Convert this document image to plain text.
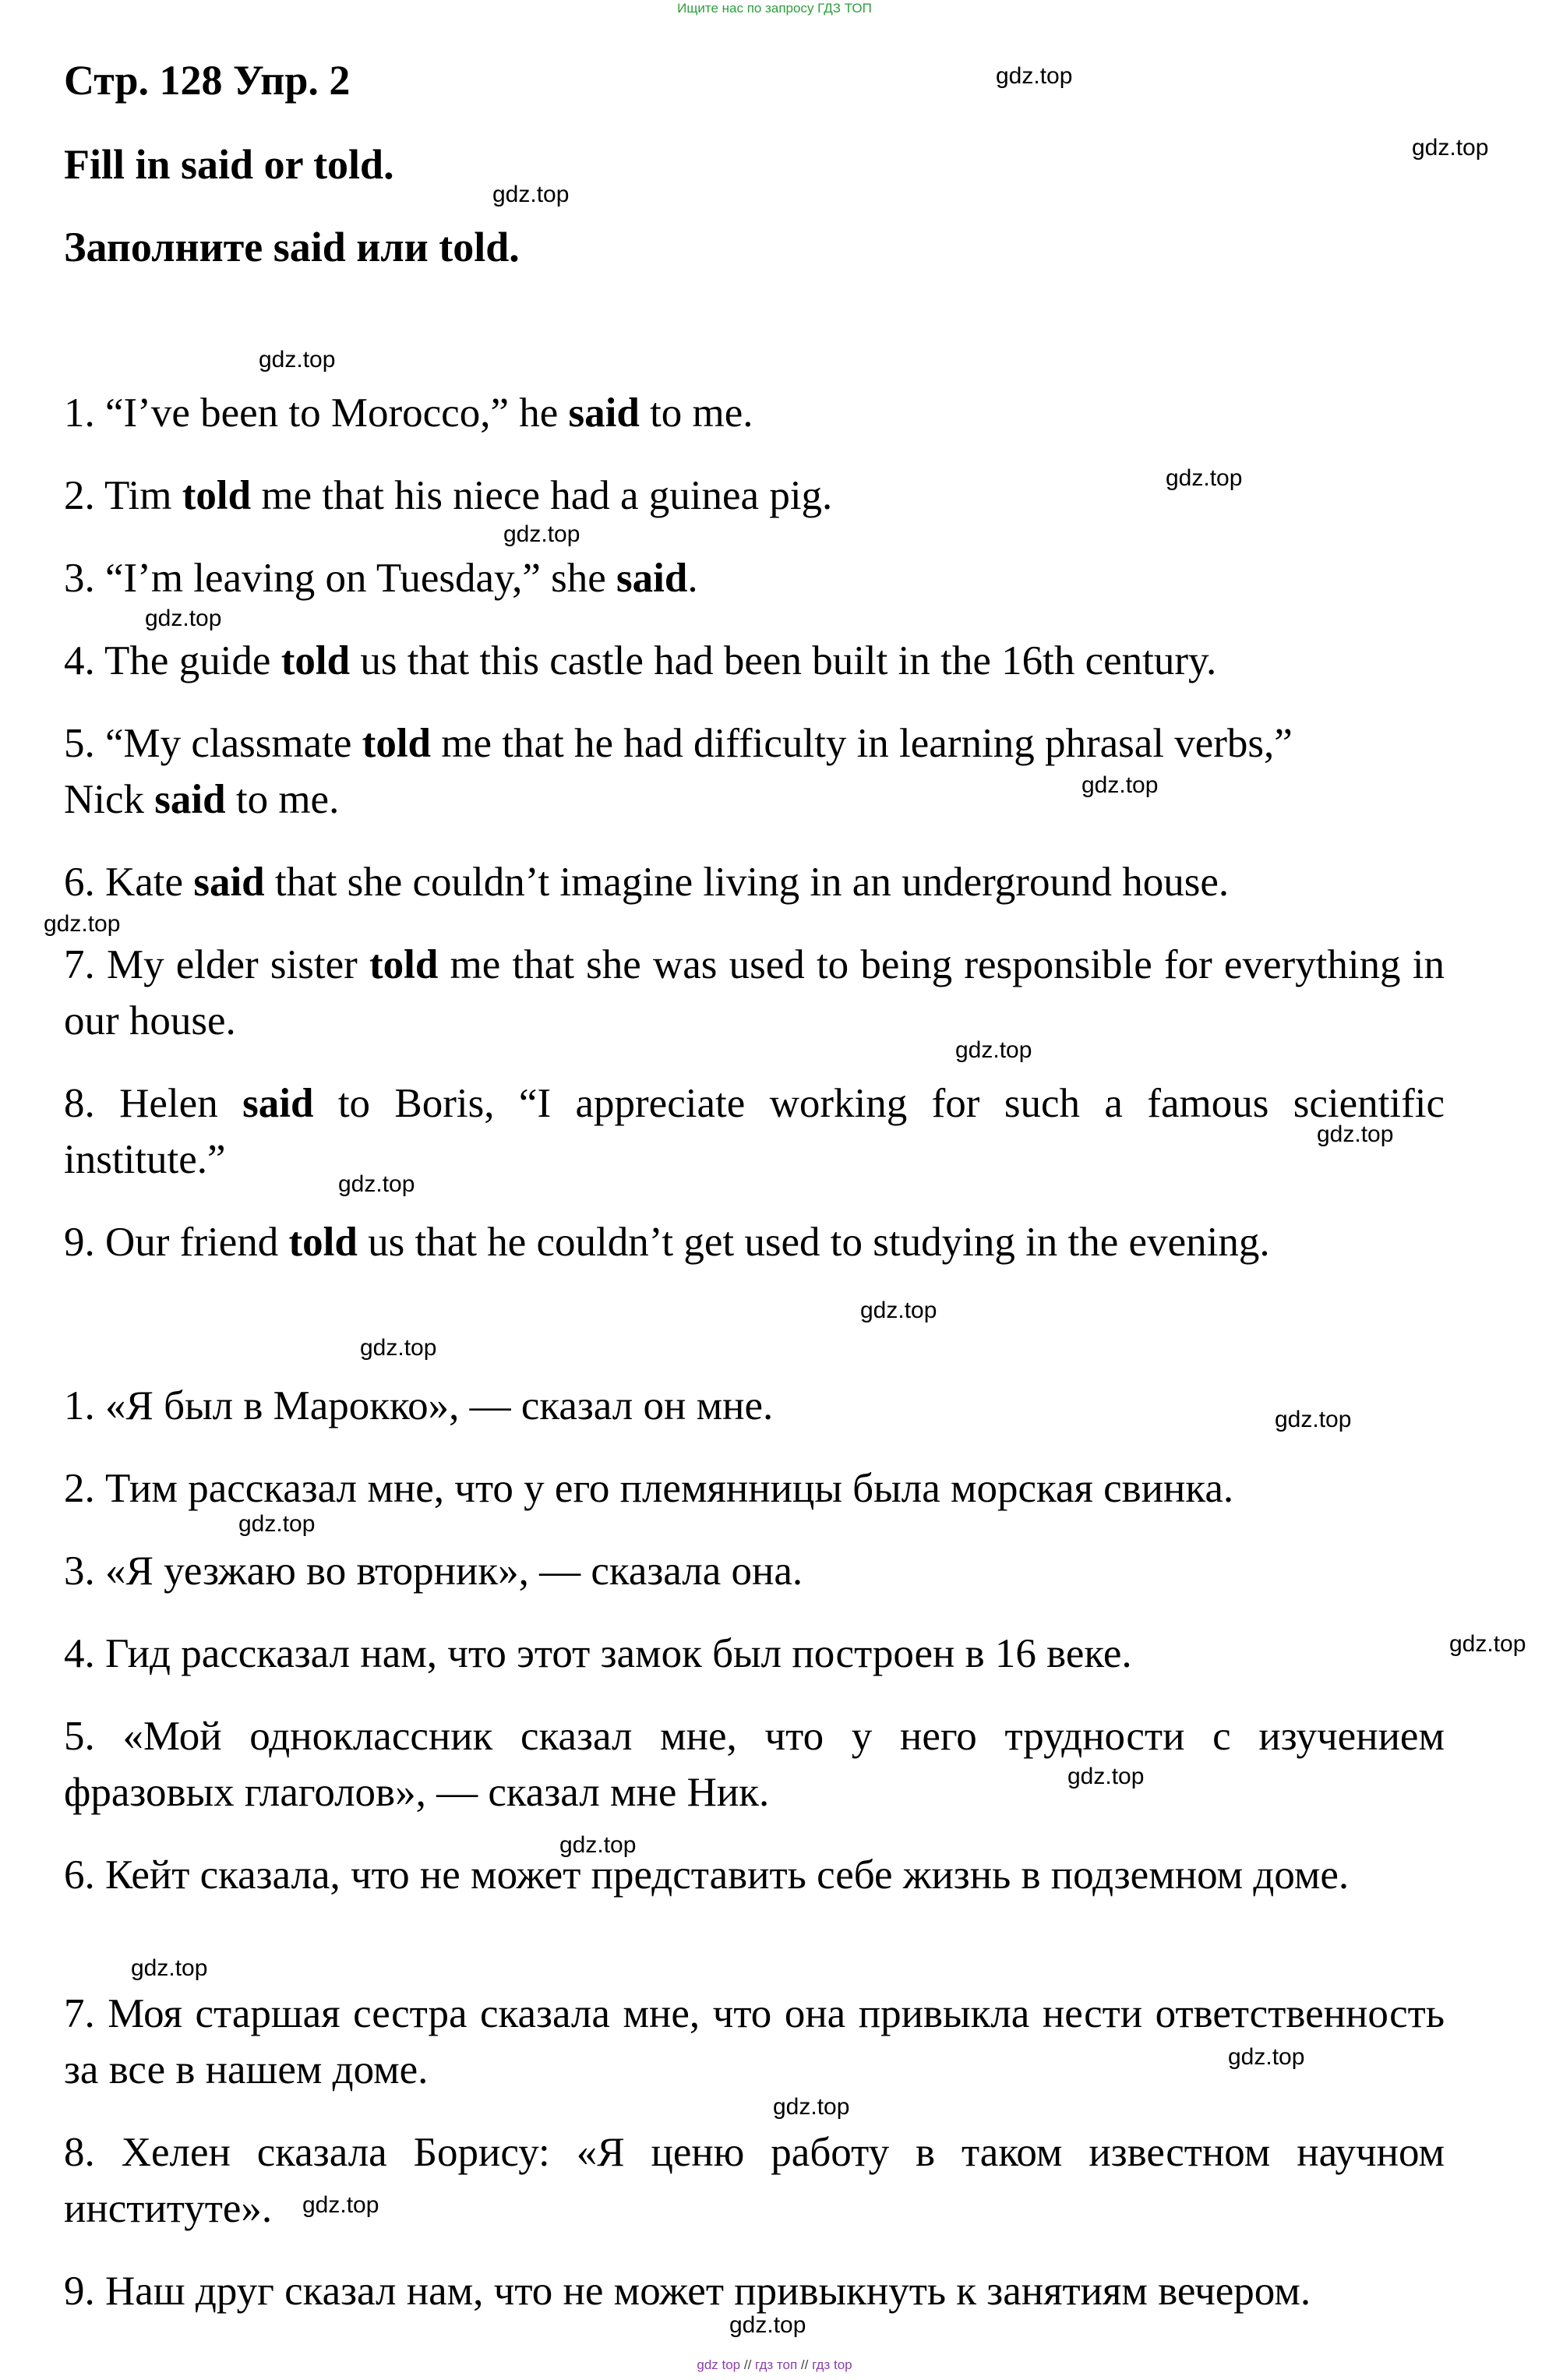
Ищите нас по запросу ГДЗ ТОП
Стр. 128 Упр. 2
Fill in said or told.
Заполните said или told.
1. “I’ve been to Morocco,” he said to me.
2. Tim told me that his niece had a guinea pig.
3. “I’m leaving on Tuesday,” she said.
4. The guide told us that this castle had been built in the 16th century.
5. “My classmate told me that he had difficulty in learning phrasal verbs,”
Nick said to me.
6. Kate said that she couldn’t imagine living in an underground house.
7. My elder sister told me that she was used to being responsible for everything in our house.
8. Helen said to Boris, “I appreciate working for such a famous scientific institute.”
9. Our friend told us that he couldn’t get used to studying in the evening.
1. «Я был в Марокко», — сказал он мне.
2. Тим рассказал мне, что у его племянницы была морская свинка.
3. «Я уезжаю во вторник», — сказала она.
4. Гид рассказал нам, что этот замок был построен в 16 веке.
5. «Мой одноклассник сказал мне, что у него трудности с изучением фразовых глаголов», — сказал мне Ник.
6. Кейт сказала, что не может представить себе жизнь в подземном доме.
7. Моя старшая сестра сказала мне, что она привыкла нести ответственность за все в нашем доме.
8. Хелен сказала Борису: «Я ценю работу в таком известном научном институте».
9. Наш друг сказал нам, что не может привыкнуть к занятиям вечером.
gdz.top
gdz.top
gdz.top
gdz.top
gdz.top
gdz.top
gdz.top
gdz.top
gdz.top
gdz.top
gdz.top
gdz.top
gdz.top
gdz.top
gdz.top
gdz.top
gdz.top
gdz.top
gdz.top
gdz.top
gdz.top
gdz.top
gdz.top
gdz.top
gdz top // гдз топ // гдз top
